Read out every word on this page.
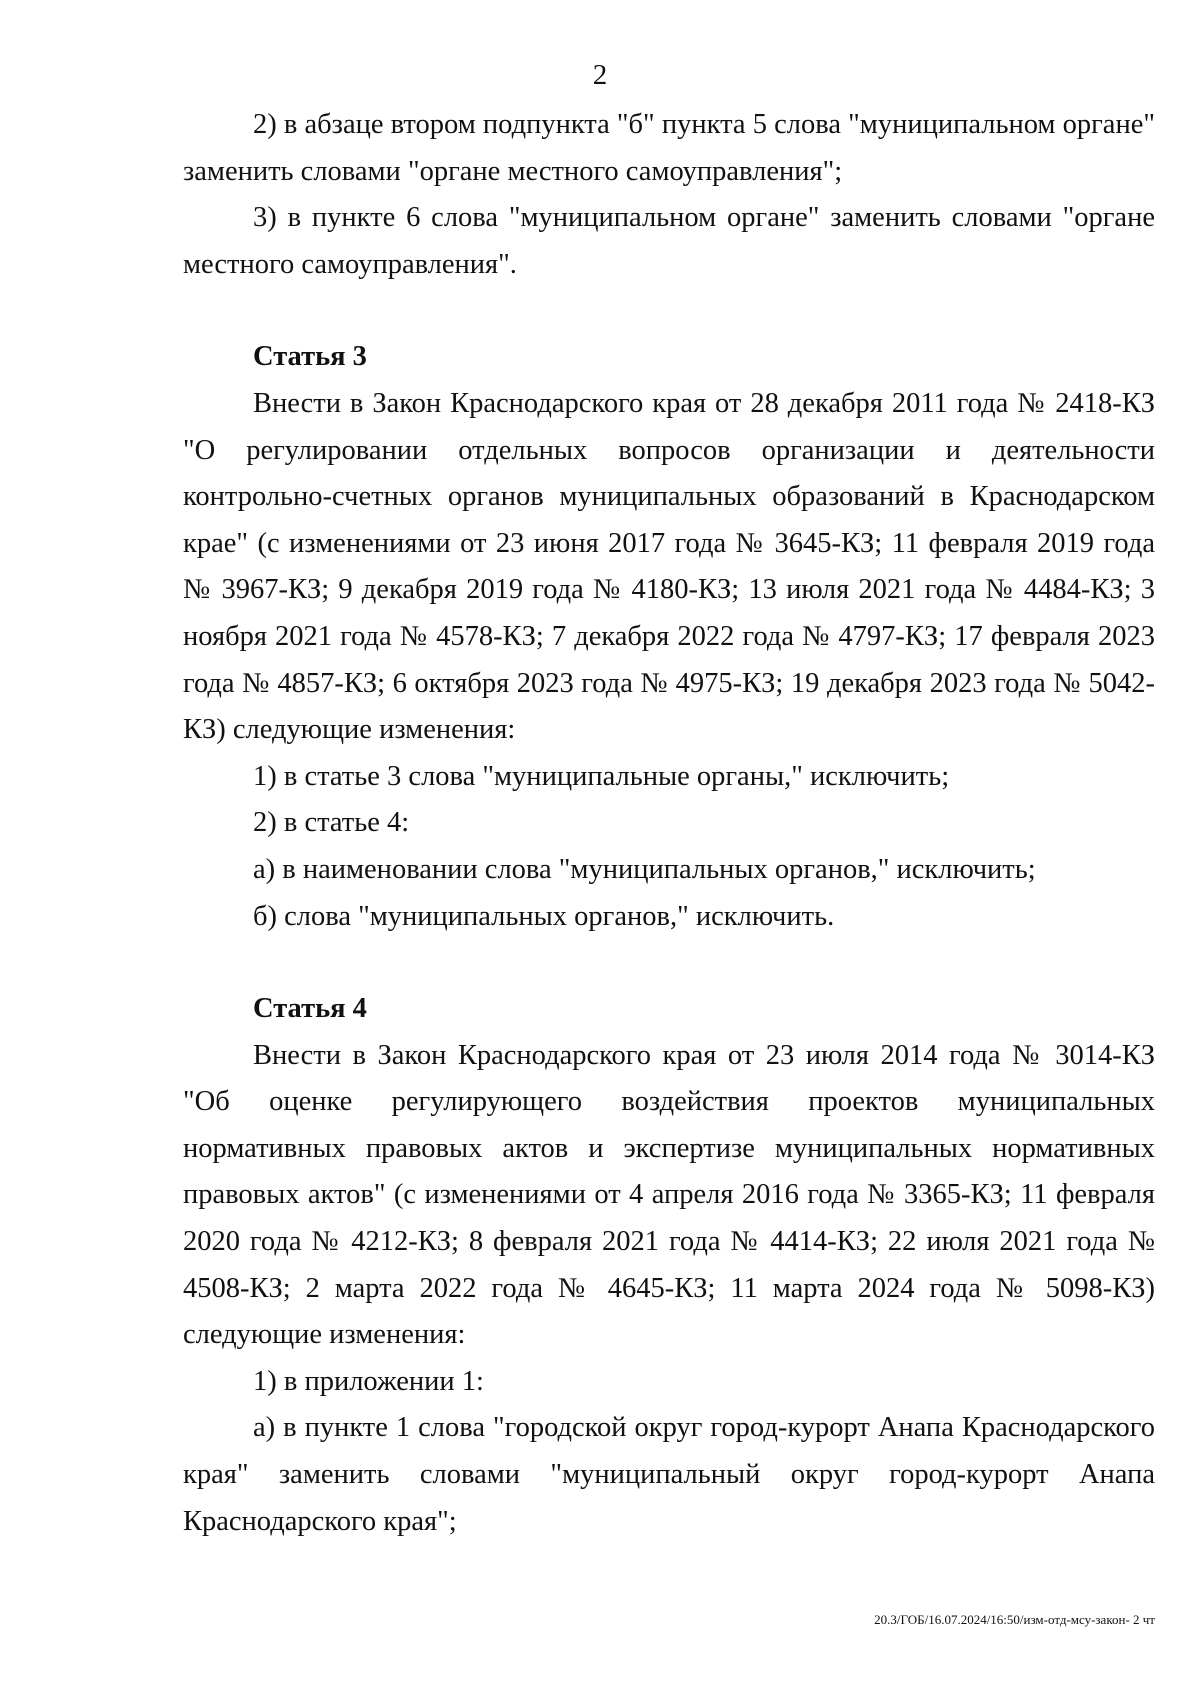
2

2) в абзаце втором подпункта "б" пункта 5 слова "муниципальном органе" заменить словами "органе местного самоуправления";

3) в пункте 6 слова "муниципальном органе" заменить словами "органе местного самоуправления".

Статья 3

Внести в Закон Краснодарского края от 28 декабря 2011 года № 2418-КЗ "О регулировании отдельных вопросов организации и деятельности контрольно-счетных органов муниципальных образований в Краснодарском крае" (с изменениями от 23 июня 2017 года № 3645-КЗ; 11 февраля 2019 года № 3967-КЗ; 9 декабря 2019 года № 4180-КЗ; 13 июля 2021 года № 4484-КЗ; 3 ноября 2021 года № 4578-КЗ; 7 декабря 2022 года № 4797-КЗ; 17 февраля 2023 года № 4857-КЗ; 6 октября 2023 года № 4975-КЗ; 19 декабря 2023 года № 5042-КЗ) следующие изменения:

1) в статье 3 слова "муниципальные органы," исключить;

2) в статье 4:

а) в наименовании слова "муниципальных органов," исключить;

б) слова "муниципальных органов," исключить.

Статья 4

Внести в Закон Краснодарского края от 23 июля 2014 года № 3014-КЗ "Об оценке регулирующего воздействия проектов муниципальных нормативных правовых актов и экспертизе муниципальных нормативных правовых актов" (с изменениями от 4 апреля 2016 года № 3365-КЗ; 11 февраля 2020 года № 4212-КЗ; 8 февраля 2021 года № 4414-КЗ; 22 июля 2021 года № 4508-КЗ; 2 марта 2022 года № 4645-КЗ; 11 марта 2024 года № 5098-КЗ) следующие изменения:

1) в приложении 1:

а) в пункте 1 слова "городской округ город-курорт Анапа Краснодарского края" заменить словами "муниципальный округ город-курорт Анапа Краснодарского края";

20.3/ГОБ/16.07.2024/16:50/изм-отд-мсу-закон- 2 чт
